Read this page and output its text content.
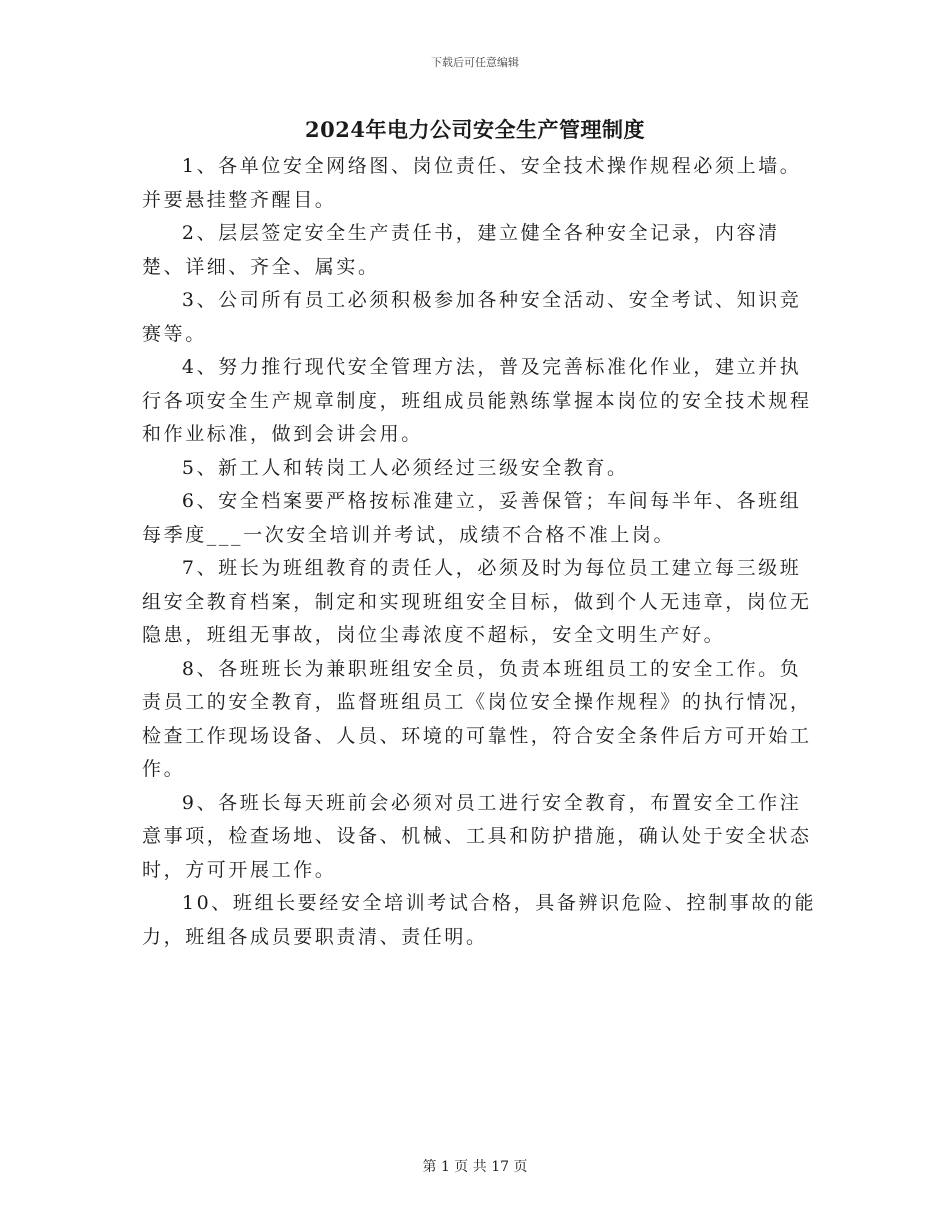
下载后可任意编辑
2024年电力公司安全生产管理制度

1、各单位安全网络图、岗位责任、安全技术操作规程必须上墙。并要悬挂整齐醒目。

2、层层签定安全生产责任书，建立健全各种安全记录，内容清楚、详细、齐全、属实。

3、公司所有员工必须积极参加各种安全活动、安全考试、知识竞赛等。

4、努力推行现代安全管理方法，普及完善标准化作业，建立并执行各项安全生产规章制度，班组成员能熟练掌握本岗位的安全技术规程和作业标准，做到会讲会用。

5、新工人和转岗工人必须经过三级安全教育。

6、安全档案要严格按标准建立，妥善保管；车间每半年、各班组每季度___一次安全培训并考试，成绩不合格不准上岗。

7、班长为班组教育的责任人，必须及时为每位员工建立每三级班组安全教育档案，制定和实现班组安全目标，做到个人无违章，岗位无隐患，班组无事故，岗位尘毒浓度不超标，安全文明生产好。

8、各班班长为兼职班组安全员，负责本班组员工的安全工作。负责员工的安全教育，监督班组员工《岗位安全操作规程》的执行情况，检查工作现场设备、人员、环境的可靠性，符合安全条件后方可开始工作。

9、各班长每天班前会必须对员工进行安全教育，布置安全工作注意事项，检查场地、设备、机械、工具和防护措施，确认处于安全状态时，方可开展工作。

10、班组长要经安全培训考试合格，具备辨识危险、控制事故的能力，班组各成员要职责清、责任明。

第 1 页 共 17 页
